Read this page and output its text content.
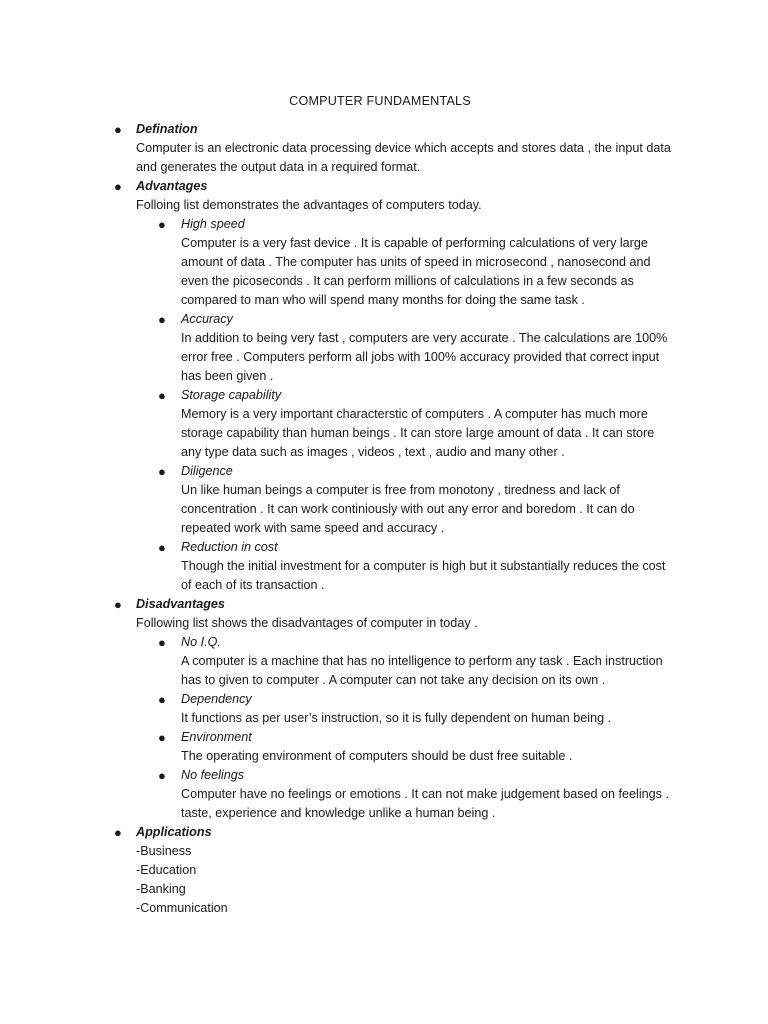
COMPUTER FUNDAMENTALS
● Defination
Computer is an electronic data processing device which accepts and stores data , the input data
and generates the output data in a required format.
● Advantages
Folloing list demonstrates the advantages of computers today.
● High speed
Computer is a very fast device . It is capable of performing calculations of very large
amount of data . The computer has units of speed in microsecond , nanosecond and
even the picoseconds . It can perform millions of calculations in a few seconds as
compared to man who will spend many months for doing the same task .
● Accuracy
In addition to being very fast , computers are very accurate . The calculations are 100%
error free . Computers perform all jobs with 100% accuracy provided that correct input
has been given .
● Storage capability
Memory is a very important characterstic of computers . A computer has much more
storage capability than human beings . It can store large amount of data . It can store
any type data such as images , videos , text , audio and many other .
● Diligence
Un like human beings a computer is free from monotony , tiredness and lack of
concentration . It can work continiously with out any error and boredom . It can do
repeated work with same speed and accuracy .
● Reduction in cost
Though the initial investment for a computer is high but it substantially reduces the cost
of each of its transaction .
● Disadvantages
Following list shows the disadvantages of computer in today .
● No I.Q.
A computer is a machine that has no intelligence to perform any task . Each instruction
has to given to computer . A computer can not take any decision on its own .
● Dependency
It functions as per user’s instruction, so it is fully dependent on human being .
● Environment
The operating environment of computers should be dust free suitable .
● No feelings
Computer have no feelings or emotions . It can not make judgement based on feelings .
taste, experience and knowledge unlike a human being .
● Applications
-Business
-Education
-Banking
-Communication
